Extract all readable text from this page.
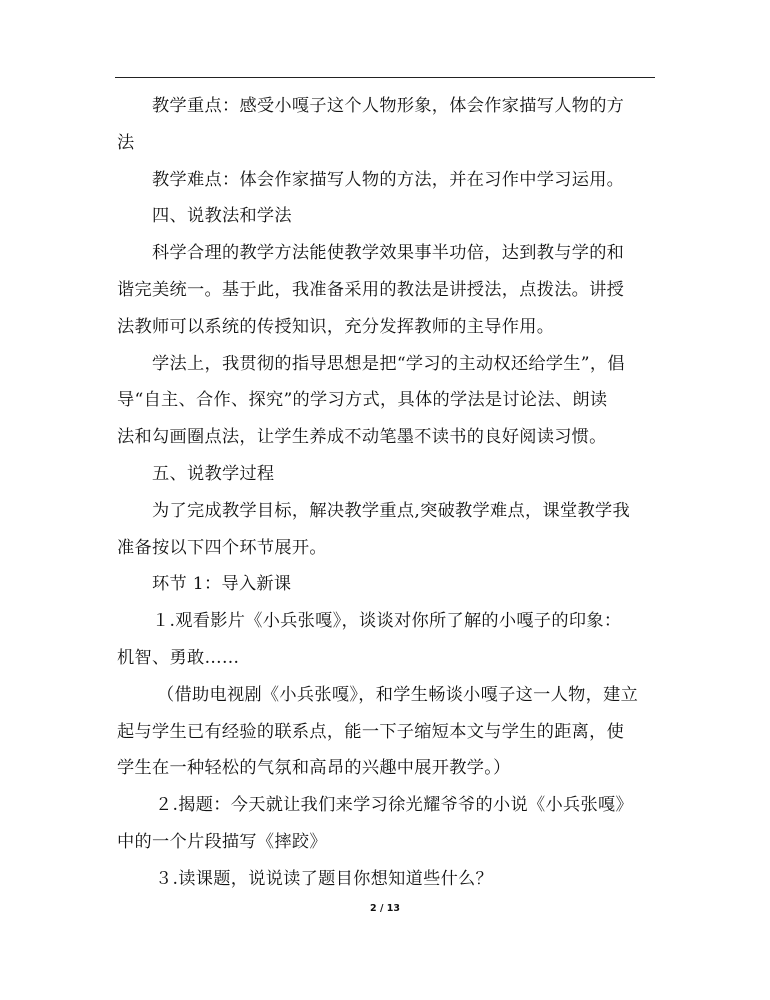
教学重点：感受小嘎子这个人物形象，体会作家描写人物的方

法

教学难点：体会作家描写人物的方法，并在习作中学习运用。

四、说教法和学法

科学合理的教学方法能使教学效果事半功倍，达到教与学的和

谐完美统一。基于此，我准备采用的教法是讲授法，点拨法。讲授

法教师可以系统的传授知识，充分发挥教师的主导作用。

学法上，我贯彻的指导思想是把“学习的主动权还给学生”，倡

导“自主、合作、探究”的学习方式，具体的学法是讨论法、朗读

法和勾画圈点法，让学生养成不动笔墨不读书的良好阅读习惯。

五、说教学过程

为了完成教学目标，解决教学重点,突破教学难点，课堂教学我

准备按以下四个环节展开。

环节 1：导入新课

１.观看影片《小兵张嘎》，谈谈对你所了解的小嘎子的印象：

机智、勇敢……

（借助电视剧《小兵张嘎》，和学生畅谈小嘎子这一人物，建立

起与学生已有经验的联系点，能一下子缩短本文与学生的距离，使

学生在一种轻松的气氛和高昂的兴趣中展开教学。）

２.揭题：今天就让我们来学习徐光耀爷爷的小说《小兵张嘎》

中的一个片段描写《摔跤》

３.读课题，说说读了题目你想知道些什么？

2 / 13
